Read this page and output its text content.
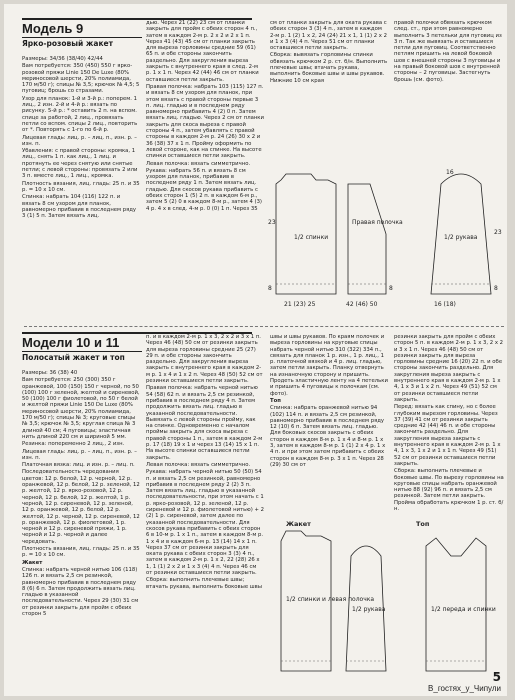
Модель 9

Ярко-розовый жакет

Размеры: 34/36 (38/40) 42/44

Вам потребуется: 350 (450) 550 г ярко-розовой пряжи Linie 150 De Luxe (80% мериносовой шерсти, 20% полиамида, 170 м/50 г); спицы № 3,5; крючок № 4,5; 5 пуговиц; брошь со стразами.

Узор для планок: 1-й и 3-й р.: поперем. 1 лиц., 2 изн. 2-й и 4-й р.: вязать по рисунку. 5-й р.: * оставить 2 п. на вспом. спице за работой, 2 лиц., провязать петли со вспом. спицы 2 лиц., повторить от *. Повторять с 1-го по 6-й р.

Лицевая гладь: лиц. р. – лиц. п., изн. р. – изн. п.

Убавления: с правой стороны: кромка, 1 лиц., снять 1 п. как лиц., 1 лиц. и протянуть ее через снятую или снятые петли; с левой стороны: провязать 2 или 3 п. вместе лиц., 1 лиц., кромка.

Плотность вязания, лиц. гладь: 25 п. и 35 р. = 10 х 10 см.

Спинка: набрать 104 (116) 122 п. и вязать 8 см узором для планок, равномерно прибавив в последнем ряду 3 (1) 5 п. Затем вязать лиц.

дью. Через 21 (22) 23 см от планки закрыть для пройм с обеих сторон 4 п., затем в каждом 2-м р. 2 х 2 и 2 х 1 п. Через 41 (43) 45 см от планки закрыть для выреза горловины средние 59 (61) 65 п. и обе стороны закончить раздельно. Для закругления выреза закрыть с внутреннего края в след. 2-м р. 1 х 1 п. Через 42 (44) 46 см от планки оставшиеся петли закрыть.

Правая полочка: набрать 103 (115) 127 п. и вязать 8 см узором для планок, при этом вязать с правой стороны первые 3 п. лиц. гладью и в последнем ряду равномерно прибавить 4 (2) 0 п. Затем вязать лиц. гладью. Через 2 см от планки закрыть для скоса выреза с правой стороны 4 п., затем убавлять с правой стороны в каждом 2-м р. 24 (26) 30 х 2 и 36 (38) 37 х 1 п. Пройму оформить по левой стороне, как на спинке. На высоте спинки оставшиеся петли закрыть.

Левая полочка: вязать симметрично.

Рукава: набрать 56 п. и вязать 8 см узором для планок, прибавив в последнем ряду 1 п. Затем вязать лиц. гладью. Для скосов рукава прибавить с обеих сторон 1 (5) 2 п. в каждом 6-м р., затем 5 (2) 0 в каждом 8-м р., затем 4 (3) 4 р. 4 х в след. 4-м р. 0 (0) 1 п. Через 35

см от планки закрыть для оката рукава с обеих сторон 3 (3) 4 п., затем в каждом 2-м р. 1 (2) 1 х 2, 24 (24) 21 х 1, 1 (1) 2 х 2 и 1 х 3 (4) 4 п. Через 51 см от планки оставшиеся петли закрыть.

Сборка: вывязать горловины спинки обвязать крючком 2 р. ст. б/н. Выполнить плечевые швы; втачать рукава, выполнить боковые швы и швы рукавов. Нижние 10 см края

правой полочки обвязать крючком след. ст., при этом равномерно выполнить 3 петельки для пуговиц из 3 п. Так же вывязать и оставшиеся петли для пуговиц. Соответственно петлям пришить на левой боковой шов с внешней стороны 3 пуговицы и на правый боковой шов с внутренней стороны – 2 пуговицы. Застегнуть брошь (см. фото).

1/2 спинки
Правая полочка
1/2 рукава
21 (23) 25
8	8
42 (46) 50
23
8
23
16 (18)
16

Модели 10 и 11

Полосатый жакет и топ

Размеры: 36 (38) 40

Вам потребуется: 250 (300) 350 г оранжевой, 100 (150) 150 г черной, по 50 (100) 100 г зеленой, желтой и сиреневой, 50 (100) 100 г фиолетовой, по 50 г белой и желтой пряжи Linie 150 De Luxe (80% мериносовой шерсти, 20% полиамида, 170 м/50 г); спицы № 3; круговые спицы № 3,5; крючок № 3,5; круглая спица № 3 длиной 40 см; 4 пуговицы; эластичная нить длиной 220 см и шириной 5 мм.

Резинка: попеременно 2 лиц., 2 изн.

Лицевая гладь: лиц. р. – лиц. п., изн. р. – изн. п.

Платочная вязка: лиц. и изн. р. – лиц. п.

Последовательность чередования цветов: 12 р. белой, 12 р. черной, 12 р. оранжевой, 12 р. белой, 12 р. зеленой, 12 р. желтой, 12 р. ярко-розовой, 12 р. черной, 12 р. белой, 12 р. желтой, 1 р. черной, 12 р. сиреневой, 12 р. зеленой, 12 р. оранжевой, 12 р. белой, 12 р. желтой, 12 р. черной, 12 р. сиреневой, 12 р. оранжевой, 12 р. фиолетовой, 1 р. черной и 12 р. сиреневой пряжи, 1 р. черной и 12 р. черной и далее чередовать.

Плотность вязания, лиц. гладь: 25 п. и 35 р. = 10 х 10 см.

Жакет

Спинка: набрать черной нитью 106 (118) 126 п. и вязать 2,5 см резинкой, равномерно прибавив в последнем ряду 8 (6) 6 п. Затем продолжить вязать лиц. гладью в указанной последовательности. Через 29 (30) 31 см от резинки закрыть для пройм с обеих сторон 5

п. и в каждом 2-м р. 1 х 3, 2 х 2 и 3 х 1 п. Через 46 (48) 50 см от резинки закрыть для выреза горловины средние 25 (27) 29 п. и обе стороны закончить раздельно. Для закругления выреза закрыть с внутреннего края в каждом 2-м р. 1 х 4 и 1 х 2 п. Через 48 (50) 52 см от резинки оставшиеся петли закрыть.

Правая полочка: набрать черной нитью 54 (58) 62 п. и вязать 2,5 см резинкой, прибавив в последнем ряду 4 п. Затем продолжить вязать лиц. гладью в указанной последовательности. Вывязать с левой стороны пройму, как на спинке. Одновременно с началом проймы закрыть для скоса выреза с правой стороны 1 п., затем в каждом 2-м р. 17 (18) 19 х 1 и через 13 (14) 15 х 1 п. На высоте спинки оставшиеся петли закрыть.

Левая полочка: вязать симметрично.

Рукава: набрать черной нитью 50 (50) 54 п. и вязать 2,5 см резинкой, равномерно прибавив в последнем ряду 2 (2) 3 п. Затем вязать лиц. гладью в указанной последовательности, при этом начать с 1 р. ярко-розовой, 12 р. зеленой, 12 р. сиреневой и 12 р. фиолетовой нитью) + 2 (2) 1 р. сиреневой, затем далее по указанной последовательности. Для скосов рукава прибавить с обеих сторон 6 в 10-м р. 1 х 1 п., затем в каждом 8-м р. 1 х 4 и в каждом 6-м р. 13 (14) 14 х 1 п. Через 37 см от резинки закрыть для оката рукава с обеих сторон 3 (3) 4 п., затем в каждом 2-м р. 1 х 2, 22 (28) 26 х 1, 1 (1) 2 х 2 и 1 х 3 (4) 4 п. Через 46 см от резинки оставшиеся петли закрыть.

Сборка: выполнить плечевые швы; втачать рукава, выполнить боковые швы

швы и швы рукавов. По краям полочек и выреза горловины на круговые спицы набрать черной нитью 310 (322) 334 п., связать для планок 1 р. изн., 1 р. лиц., 1 р. платочной вязкой и 4 р. лиц. гладью, затем петли закрыть. Планку отвернуть на изнаночную сторону и пришить. Продеть эластичную ленту на 4 петельки и пришить 4 пуговицы к полочкам (см. фото).

Топ

Спинка: набрать оранжевой нитью 94 (102) 114 п. и вязать 2,5 см резинкой, равномерно прибавив в последнем ряду 12 (10) 6 п. Затем вязать лиц. гладью. Для боковых скосов закрыть с обеих сторон в каждом 8-м р. 1 х 4 и 8-м р. 1 х 3, затем в каждом 8-м р. 1 (1) 2 х 4 р. 1 х 4 п. и при этом затем прибавить с обеих сторон в каждом 8-м р. 3 х 1 п. Через 28 (29) 30 см от

резинки закрыть для пройм с обеих сторон 5 п. в каждом 2-м р. 1 х 3, 2 х 2 и 3 х 1 п. Через 46 (48) 50 см от резинки закрыть для выреза горловины средние 16 (20) 22 п. и обе стороны закончить раздельно. Для закругления выреза закрыть с внутреннего края в каждом 2-м р. 1 х 4, 1 х 3 и 1 х 2 п. Через 49 (51) 52 см от резинки оставшиеся петли закрыть.

Перед: вязать как спину, но с более глубоким вырезом горловины. Через 37 (39) 41 см от резинки закрыть средние 42 (44) 46 п. и обе стороны закончить раздельно. Для закругления выреза закрыть с внутреннего края в каждом 2-м р. 1 х 4, 1 х 3, 1 х 2 и 1 х 1 п. Через 49 (51) 52 см от резинки оставшиеся петли закрыть.

Сборка: выполнить плечевые и боковые швы. По вырезу горловины на круговые спицы набрать оранжевой нитью 88 (92) 96 п. и вязать 2,5 см резинкой. Затем петли закрыть. Пройма обработать крючком 1 р. ст. б/н.

Жакет	Топ
1/2 спинки и левая полочка
1/2 рукава	1/2 переда и спинки
5
В_гостях_у_Чипули
